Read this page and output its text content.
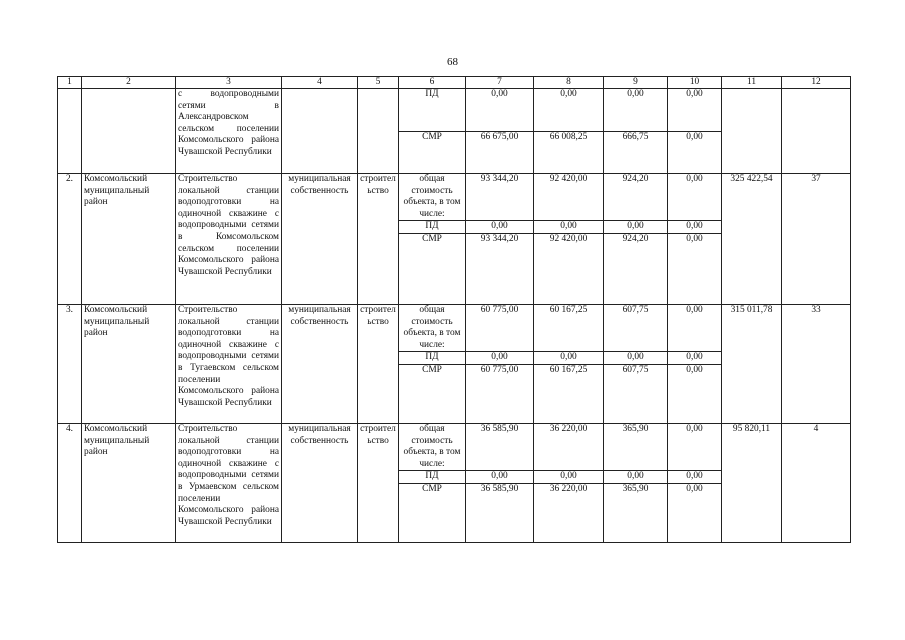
68
1	2	3	4	5	6	7	8	9	10	11	12
		с водопроводными сетями в Александровском сельском поселении Комсомольского района Чувашской Республики			ПД	0,00	0,00	0,00	0,00		
					СМР	66 675,00	66 008,25	666,75	0,00		
2.	Комсомольский муниципальный район	Строительство локальной станции водоподготовки на одиночной скважине с водопроводными сетями в Комсомольском сельском поселении Комсомольского района Чувашской Республики	муниципальная собственность	строительство	общая стоимость объекта, в том числе:	93 344,20	92 420,00	924,20	0,00	325 422,54	37
					ПД	0,00	0,00	0,00	0,00		
					СМР	93 344,20	92 420,00	924,20	0,00		
3.	Комсомольский муниципальный район	Строительство локальной станции водоподготовки на одиночной скважине с водопроводными сетями в Тугаевском сельском поселении Комсомольского района Чувашской Республики	муниципальная собственность	строительство	общая стоимость объекта, в том числе:	60 775,00	60 167,25	607,75	0,00	315 011,78	33
					ПД	0,00	0,00	0,00	0,00		
					СМР	60 775,00	60 167,25	607,75	0,00		
4.	Комсомольский муниципальный район	Строительство локальной станции водоподготовки на одиночной скважине с водопроводными сетями в Урмаевском сельском поселении Комсомольского района Чувашской Республики	муниципальная собственность	строительство	общая стоимость объекта, в том числе:	36 585,90	36 220,00	365,90	0,00	95 820,11	4
					ПД	0,00	0,00	0,00	0,00		
					СМР	36 585,90	36 220,00	365,90	0,00		
